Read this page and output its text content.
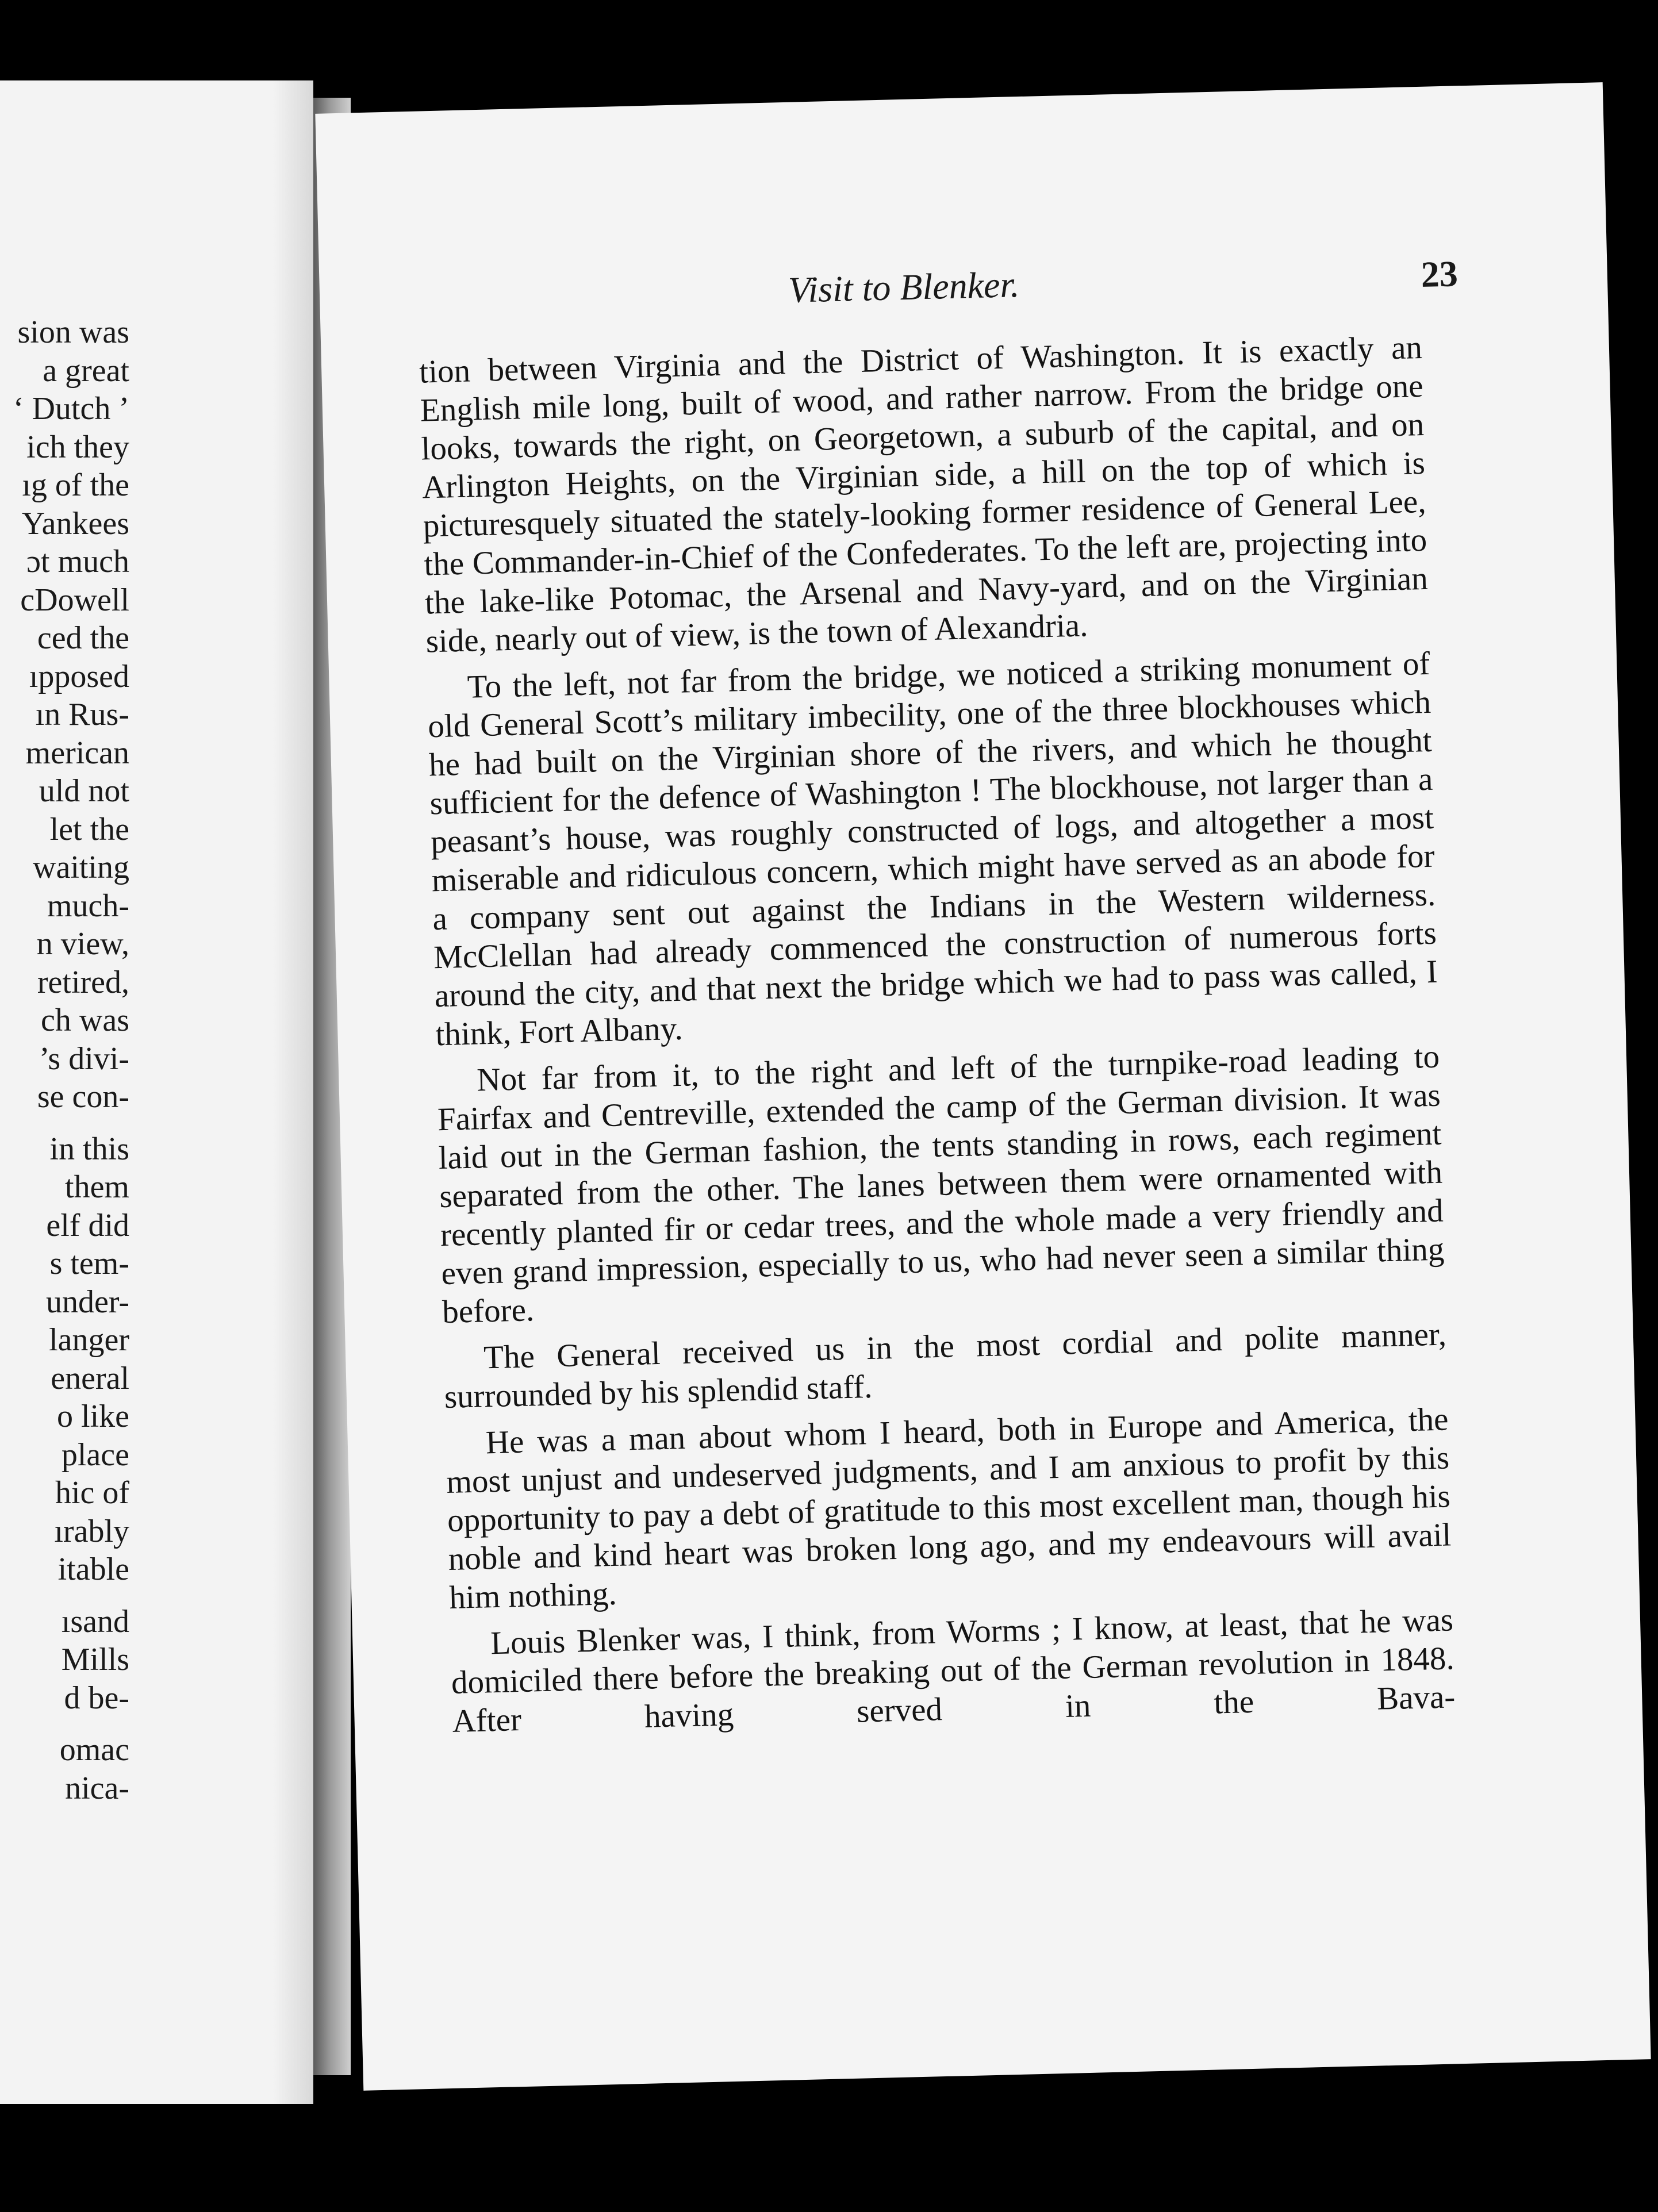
sion was
a great
‘ Dutch ’
ich they
ıg of the
Yankees
ɔt much
cDowell
ced the
ıpposed
ın Rus-
merican
uld not
let the
waiting
much-
n view,
retired,
ch was
’s divi-
se con-
in this
them
elf did
s tem-
under-
langer
eneral
o like
place
hic of
ırably
itable
ısand
Mills
d be-
omac
nica-
Visit to Blenker.	23

tion between Virginia and the District of Washington. It is exactly an English mile long, built of wood, and rather narrow. From the bridge one looks, towards the right, on Georgetown, a suburb of the capital, and on Arlington Heights, on the Virginian side, a hill on the top of which is picturesquely situated the stately-looking former residence of General Lee, the Commander-in-Chief of the Confederates. To the left are, projecting into the lake-like Potomac, the Arsenal and Navy-yard, and on the Virginian side, nearly out of view, is the town of Alexandria.

To the left, not far from the bridge, we noticed a striking monument of old General Scott’s military imbecility, one of the three blockhouses which he had built on the Virginian shore of the rivers, and which he thought sufficient for the defence of Washington ! The blockhouse, not larger than a peasant’s house, was roughly constructed of logs, and altogether a most miserable and ridiculous concern, which might have served as an abode for a company sent out against the Indians in the Western wilderness. McClellan had already commenced the construction of numerous forts around the city, and that next the bridge which we had to pass was called, I think, Fort Albany.

Not far from it, to the right and left of the turnpike-road leading to Fairfax and Centreville, extended the camp of the German division. It was laid out in the German fashion, the tents standing in rows, each regiment separated from the other. The lanes between them were ornamented with recently planted fir or cedar trees, and the whole made a very friendly and even grand impression, especially to us, who had never seen a similar thing before.

The General received us in the most cordial and polite manner, surrounded by his splendid staff.

He was a man about whom I heard, both in Europe and America, the most unjust and undeserved judgments, and I am anxious to profit by this opportunity to pay a debt of gratitude to this most excellent man, though his noble and kind heart was broken long ago, and my endeavours will avail him nothing.

Louis Blenker was, I think, from Worms ; I know, at least, that he was domiciled there before the breaking out of the German revolution in 1848. After having served in the Bava-
